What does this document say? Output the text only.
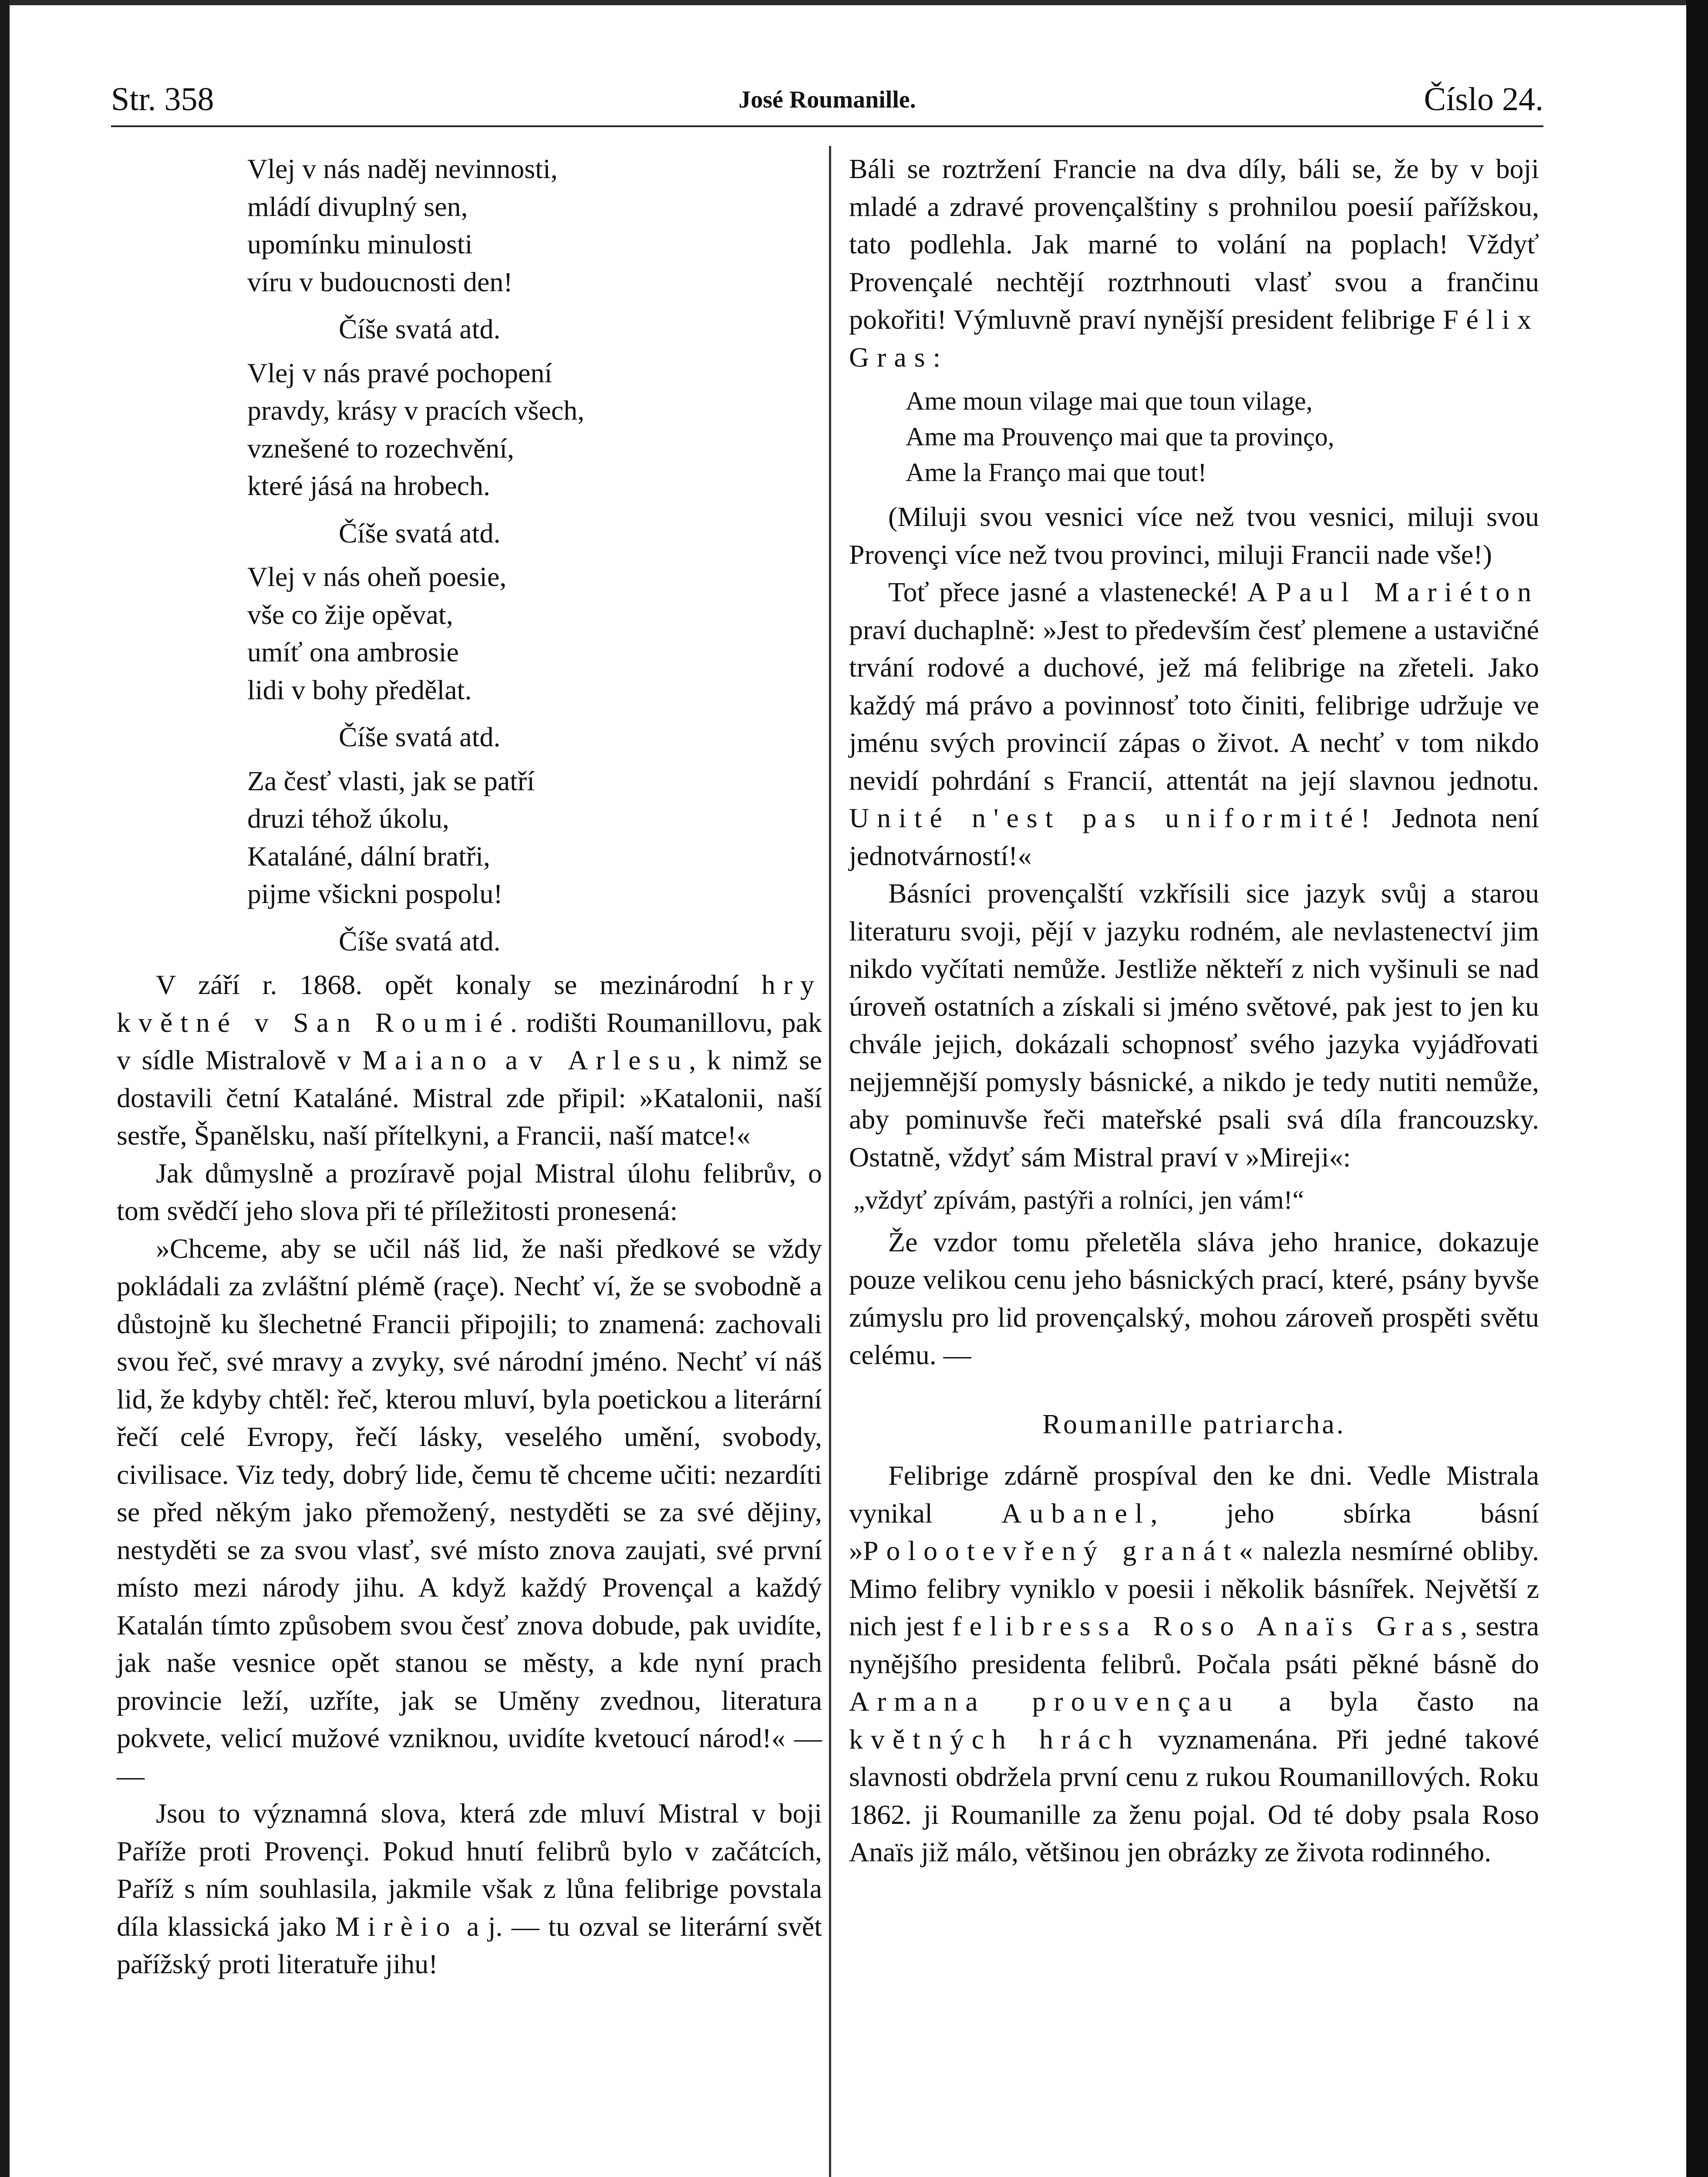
Str. 358	José Roumanille.	Číslo 24.
Vlej v nás naděj nevinnosti,
mládí divuplný sen,
upomínku minulosti
víru v budoucnosti den!
Číše svatá atd.
Vlej v nás pravé pochopení
pravdy, krásy v pracích všech,
vznešené to rozechvění,
které jásá na hrobech.
Číše svatá atd.
Vlej v nás oheň poesie,
vše co žije opěvat,
umíť ona ambrosie
lidi v bohy předělat.
Číše svatá atd.
Za česť vlasti, jak se patří
druzi téhož úkolu,
Kataláné, dální bratři,
pijme všickni pospolu!
Číše svatá atd.

V září r. 1868. opět konaly se mezinárodní hry květné v San Roumié. rodišti Roumanillovu, pak v sídle Mistralově v Maiano a v Arlesu, k nimž se dostavili četní Kataláné. Mistral zde připil: »Katalonii, naší sestře, Španělsku, naší přítelkyni, a Francii, naší matce!«

Jak důmyslně a prozíravě pojal Mistral úlohu felibrův, o tom svědčí jeho slova při té příležitosti pronesená:

»Chceme, aby se učil náš lid, že naši předkové se vždy pokládali za zvláštní plémě (rаçe). Nechť ví, že se svobodně a důstojně ku šlechetné Francii připojili; to znamená: zachovali svou řeč, své mravy a zvyky, své národní jméno. Nechť ví náš lid, že kdyby chtěl: řeč, kterou mluví, byla poetickou a literární řečí celé Evropy, řečí lásky, veselého umění, svobody, civilisace. Viz tedy, dobrý lide, čemu tě chceme učiti: nezardíti se před někým jako přemožený, nestyděti se za své dějiny, nestyděti se za svou vlasť, své místo znova zaujati, své první místo mezi národy jihu. A když každý Provençal a každý Katalán tímto způsobem svou česť znova dobude, pak uvidíte, jak naše vesnice opět stanou se městy, a kde nyní prach provincie leží, uzříte, jak se Uměny zvednou, literatura pokvete, velicí mužové vzniknou, uvidíte kvetoucí národ!« — —

Jsou to významná slova, která zde mluví Mistral v boji Paříže proti Provençi. Pokud hnutí felibrů bylo v začátcích, Paříž s ním souhlasila, jakmile však z lůna felibrige povstala díla klassická jako Mirèio a j. — tu ozval se literární svět pařížský proti literatuře jihu!

Báli se roztržení Francie na dva díly, báli se, že by v boji mladé a zdravé provençalštiny s prohnilou poesií pařížskou, tato podlehla. Jak marné to volání na poplach! Vždyť Provençalé nechtějí roztrhnouti vlasť svou a frančinu pokořiti! Výmluvně praví nynější president felibrige Félix Gras:

Ame moun vilage mai que toun vilage,
Ame ma Prouvenço mai que ta provinço,
Ame la Franço mai que tout!

(Miluji svou vesnici více než tvou vesnici, miluji svou Provençi více než tvou provinci, miluji Francii nade vše!)

Toť přece jasné a vlastenecké! A Paul Mariéton praví duchaplně: »Jest to především česť plemene a ustavičné trvání rodové a duchové, jež má felibrige na zřeteli. Jako každý má právo a povinnosť toto činiti, felibrige udržuje ve jménu svých provincií zápas o život. A nechť v tom nikdo nevidí pohrdání s Francií, attentát na její slavnou jednotu. Unité n'est pas uniformité! Jednota není jednotvárností!«

Básníci provençalští vzkřísili sice jazyk svůj a starou literaturu svoji, pějí v jazyku rodném, ale nevlastenectví jim nikdo vyčítati nemůže. Jestliže někteří z nich vyšinuli se nad úroveň ostatních a získali si jméno světové, pak jest to jen ku chvále jejich, dokázali schopnosť svého jazyka vyjádřovati nejjemnější pomysly básnické, a nikdo je tedy nutiti nemůže, aby pominuvše řeči mateřské psali svá díla francouzsky. Ostatně, vždyť sám Mistral praví v »Mireji«:

„vždyť zpívám, pastýři a rolníci, jen vám!“

Že vzdor tomu přeletěla sláva jeho hranice, dokazuje pouze velikou cenu jeho básnických prací, které, psány byvše zúmyslu pro lid provençalský, mohou zároveň prospěti světu celému. —

Roumanille patriarcha.

Felibrige zdárně prospíval den ke dni. Vedle Mistrala vynikal Aubanel, jeho sbírka básní »Polootevřený granát« nalezla nesmírné obliby. Mimo felibry vyniklo v poesii i několik básnířek. Největší z nich jest felibressa Roso Anaïs Gras, sestra nynějšího presidenta felibrů. Počala psáti pěkné básně do Armana prouvençau a byla často na květných hrách vyznamenána. Při jedné takové slavnosti obdržela první cenu z rukou Roumanillových. Roku 1862. ji Roumanille za ženu pojal. Od té doby psala Roso Anaïs již málo, většinou jen obrázky ze života rodinného.
